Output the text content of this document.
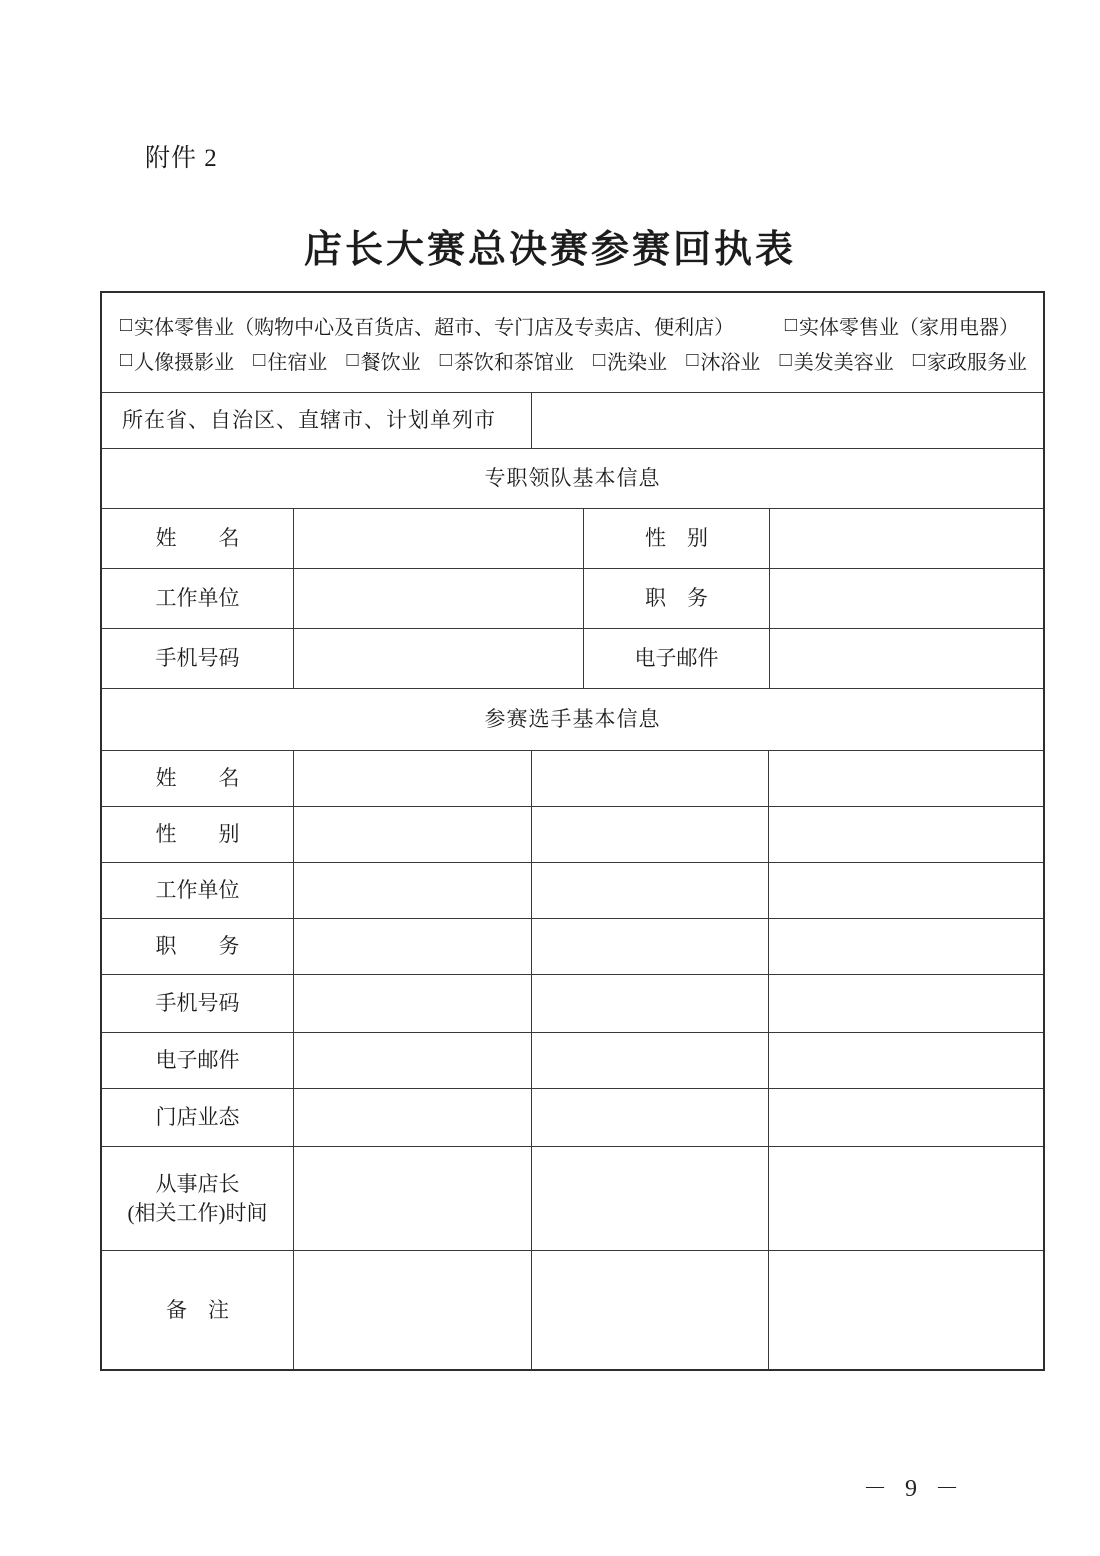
附件 2
店长大赛总决赛参赛回执表
□ 实体零售业（购物中心及百货店、超市、专门店及专卖店、便利店）	□ 实体零售业（家用电器）
□ 人像摄影业 □ 住宿业 □ 餐饮业 □ 茶饮和茶馆业 □ 洗染业 □ 沐浴业 □ 美发美容业 □ 家政服务业
所在省、自治区、直辖市、计划单列市
专职领队基本信息
姓　　名	性　别
工作单位	职　务
手机号码	电子邮件
参赛选手基本信息
姓　　名
性　　别
工作单位
职　　务
手机号码
电子邮件
门店业态
从事店长
(相关工作)时间
备　注
－ 9 －
